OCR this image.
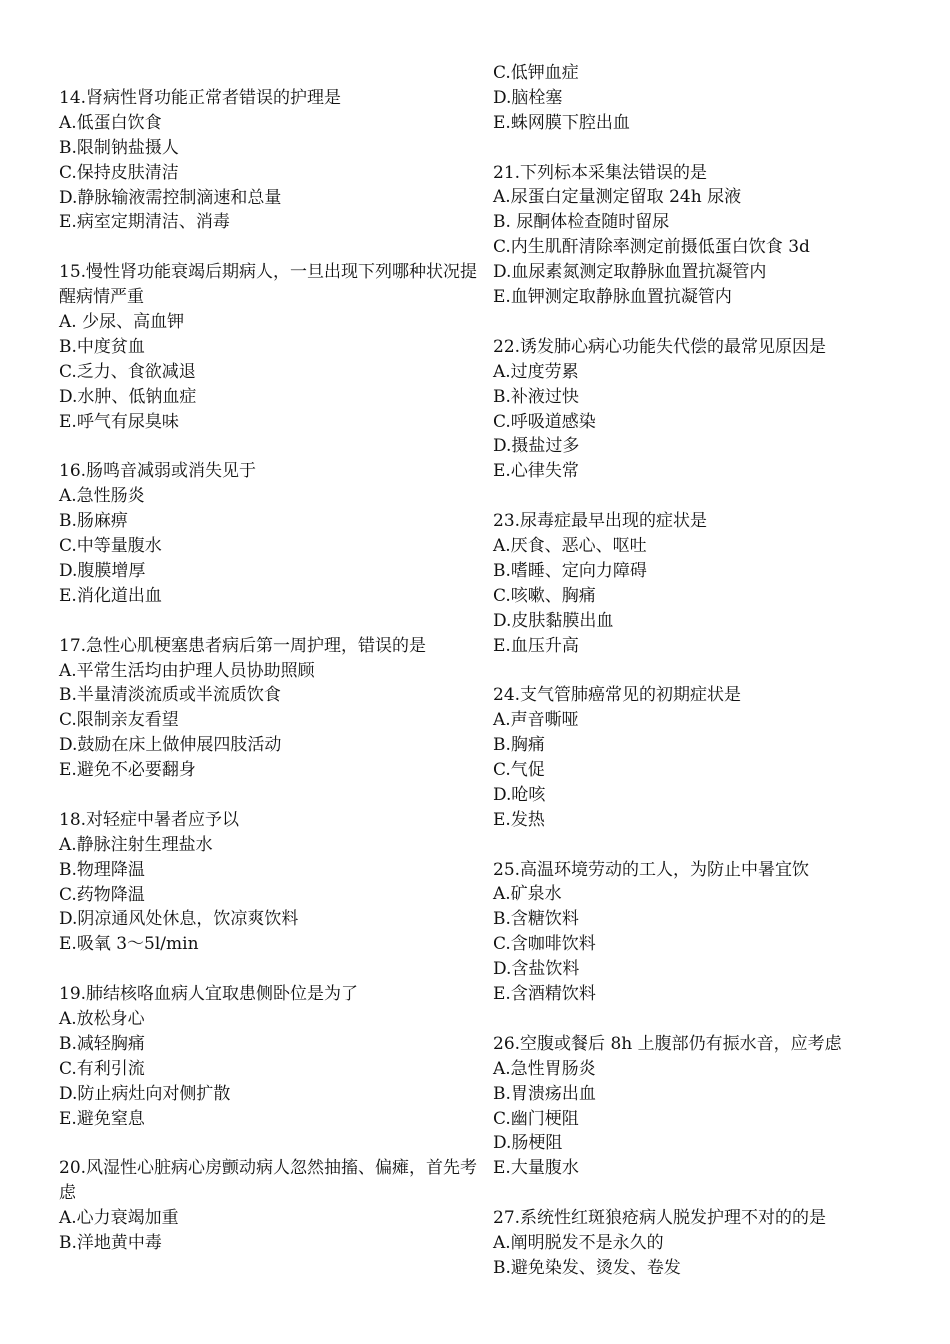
14.肾病性肾功能正常者错误的护理是
A.低蛋白饮食
B.限制钠盐摄人
C.保持皮肤清洁
D.静脉输液需控制滴速和总量
E.病室定期清洁、消毒
15.慢性肾功能衰竭后期病人，一旦出现下列哪种状况提醒病情严重
A. 少尿、高血钾
B.中度贫血
C.乏力、食欲减退
D.水肿、低钠血症
E.呼气有尿臭味
16.肠鸣音减弱或消失见于
A.急性肠炎
B.肠麻痹
C.中等量腹水
D.腹膜增厚
E.消化道出血
17.急性心肌梗塞患者病后第一周护理，错误的是
A.平常生活均由护理人员协助照顾
B.半量清淡流质或半流质饮食
C.限制亲友看望
D.鼓励在床上做伸展四肢活动
E.避免不必要翻身
18.对轻症中暑者应予以
A.静脉注射生理盐水
B.物理降温
C.药物降温
D.阴凉通风处休息，饮凉爽饮料
E.吸氧 3～5l/min
19.肺结核咯血病人宜取患侧卧位是为了
A.放松身心
B.减轻胸痛
C.有利引流
D.防止病灶向对侧扩散
E.避免窒息
20.风湿性心脏病心房颤动病人忽然抽搐、偏瘫，首先考虑
A.心力衰竭加重
B.洋地黄中毒
C.低钾血症
D.脑栓塞
E.蛛网膜下腔出血
21.下列标本采集法错误的是
A.尿蛋白定量测定留取 24h 尿液
B. 尿酮体检查随时留尿
C.内生肌酐清除率测定前摄低蛋白饮食 3d
D.血尿素氮测定取静脉血置抗凝管内
E.血钾测定取静脉血置抗凝管内
22.诱发肺心病心功能失代偿的最常见原因是
A.过度劳累
B.补液过快
C.呼吸道感染
D.摄盐过多
E.心律失常
23.尿毒症最早出现的症状是
A.厌食、恶心、呕吐
B.嗜睡、定向力障碍
C.咳嗽、胸痛
D.皮肤黏膜出血
E.血压升高
24.支气管肺癌常见的初期症状是
A.声音嘶哑
B.胸痛
C.气促
D.呛咳
E.发热
25.高温环境劳动的工人，为防止中暑宜饮
A.矿泉水
B.含糖饮料
C.含咖啡饮料
D.含盐饮料
E.含酒精饮料
26.空腹或餐后 8h 上腹部仍有振水音，应考虑
A.急性胃肠炎
B.胃溃疡出血
C.幽门梗阻
D.肠梗阻
E.大量腹水
27.系统性红斑狼疮病人脱发护理不对的的是
A.阐明脱发不是永久的
B.避免染发、烫发、卷发
